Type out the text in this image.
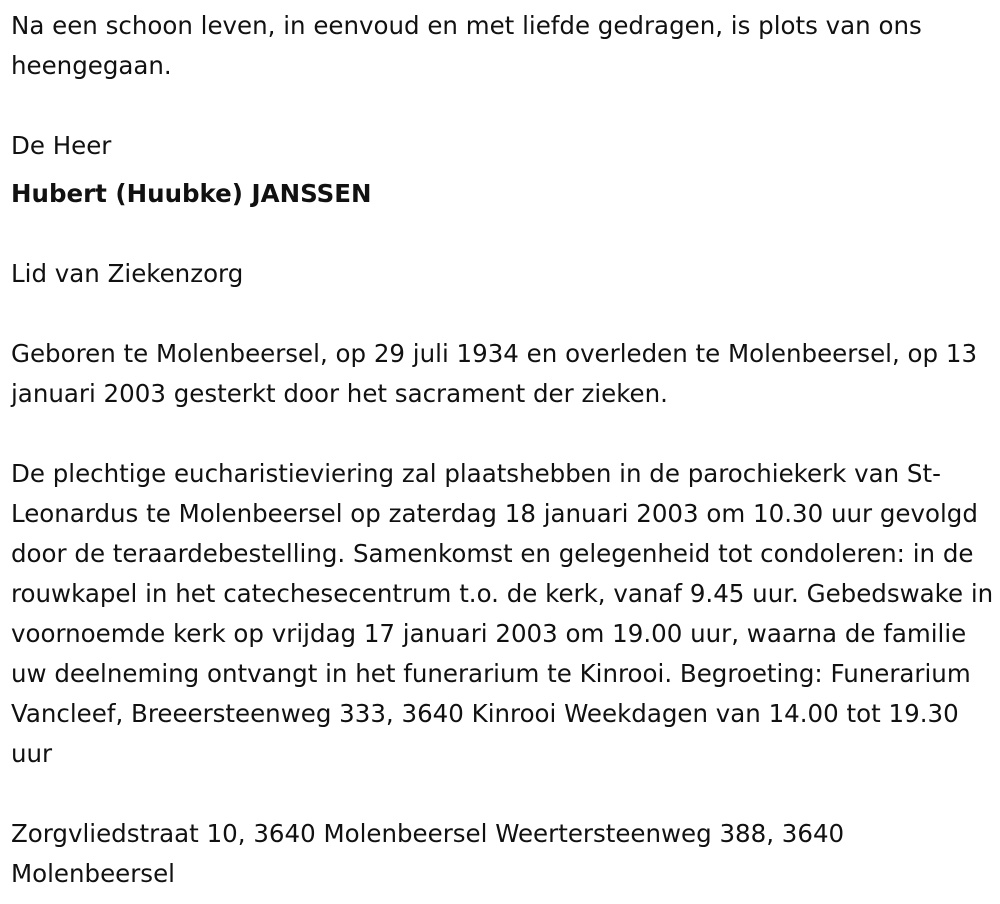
Na een schoon leven, in eenvoud en met liefde gedragen, is plots van ons heengegaan.

De Heer

Hubert (Huubke) JANSSEN

Lid van Ziekenzorg

Geboren te Molenbeersel, op 29 juli 1934 en overleden te Molenbeersel, op 13 januari 2003 gesterkt door het sacrament der zieken.

De plechtige eucharistieviering zal plaatshebben in de parochiekerk van St- Leonardus te Molenbeersel op zaterdag 18 januari 2003 om 10.30 uur gevolgd door de teraardebestelling. Samenkomst en gelegenheid tot condoleren: in de rouwkapel in het catechesecentrum t.o. de kerk, vanaf 9.45 uur. Gebedswake in voornoemde kerk op vrijdag 17 januari 2003 om 19.00 uur, waarna de familie uw deelneming ontvangt in het funerarium te Kinrooi. Begroeting: Funerarium Vancleef, Breeersteenweg 333, 3640 Kinrooi Weekdagen van 14.00 tot 19.30 uur

Zorgvliedstraat 10, 3640 Molenbeersel Weertersteenweg 388, 3640 Molenbeersel
